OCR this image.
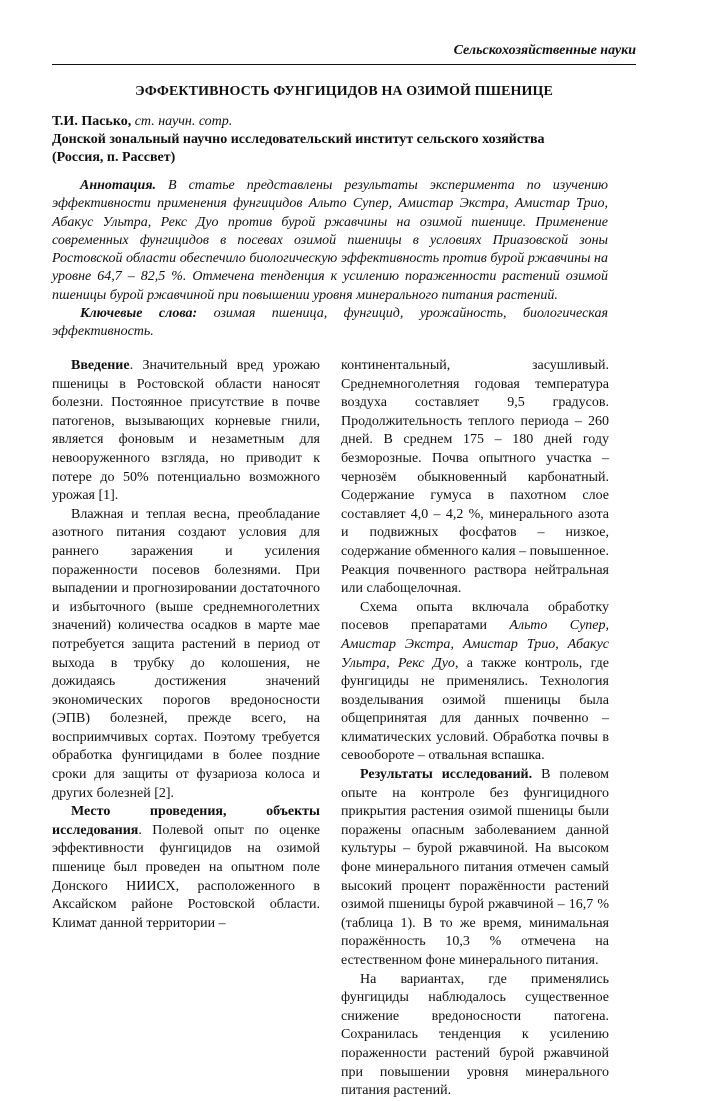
Сельскохозяйственные науки
ЭФФЕКТИВНОСТЬ ФУНГИЦИДОВ НА ОЗИМОЙ ПШЕНИЦЕ
Т.И. Пасько, ст. научн. сотр.
Донской зональный научно исследовательский институт сельского хозяйства
(Россия, п. Рассвет)

Аннотация. В статье представлены результаты эксперимента по изучению эффективности применения фунгицидов Альто Супер, Амистар Экстра, Амистар Трио, Абакус Ультра, Рекс Дуо против бурой ржавчины на озимой пшенице. Применение современных фунгицидов в посевах озимой пшеницы в условиях Приазовской зоны Ростовской области обеспечило биологическую эффективность против бурой ржавчины на уровне 64,7 – 82,5 %. Отмечена тенденция к усилению пораженности растений озимой пшеницы бурой ржавчиной при повышении уровня минерального питания растений.

Ключевые слова: озимая пшеница, фунгицид, урожайность, биологическая эффективность.

Введение. Значительный вред урожаю пшеницы в Ростовской области наносят болезни. Постоянное присутствие в почве патогенов, вызывающих корневые гнили, является фоновым и незаметным для невооруженного взгляда, но приводит к потере до 50% потенциально возможного урожая [1].

Влажная и теплая весна, преобладание азотного питания создают условия для раннего заражения и усиления пораженности посевов болезнями. При выпадении и прогнозировании достаточного и избыточного (выше среднемноголетних значений) количества осадков в марте мае потребуется защита растений в период от выхода в трубку до колошения, не дожидаясь достижения значений экономических порогов вредоносности (ЭПВ) болезней, прежде всего, на восприимчивых сортах. Поэтому требуется обработка фунгицидами в более поздние сроки для защиты от фузариоза колоса и других болезней [2].

Место проведения, объекты исследования. Полевой опыт по оценке эффективности фунгицидов на озимой пшенице был проведен на опытном поле Донского НИИСХ, расположенного в Аксайском районе Ростовской области. Климат данной территории –

континентальный, засушливый. Среднемноголетняя годовая температура воздуха составляет 9,5 градусов. Продолжительность теплого периода – 260 дней. В среднем 175 – 180 дней году безморозные. Почва опытного участка – чернозём обыкновенный карбонатный. Содержание гумуса в пахотном слое составляет 4,0 – 4,2 %, минерального азота и подвижных фосфатов – низкое, содержание обменного калия – повышенное. Реакция почвенного раствора нейтральная или слабощелочная.

Схема опыта включала обработку посевов препаратами Альто Супер, Амистар Экстра, Амистар Трио, Абакус Ультра, Рекс Дуо, а также контроль, где фунгициды не применялись. Технология возделывания озимой пшеницы была общепринятая для данных почвенно – климатических условий. Обработка почвы в севообороте – отвальная вспашка.

Результаты исследований. В полевом опыте на контроле без фунгицидного прикрытия растения озимой пшеницы были поражены опасным заболеванием данной культуры – бурой ржавчиной. На высоком фоне минерального питания отмечен самый высокий процент поражённости растений озимой пшеницы бурой ржавчиной – 16,7 % (таблица 1). В то же время, минимальная поражённость 10,3 % отмечена на естественном фоне минерального питания.

На вариантах, где применялись фунгициды наблюдалось существенное снижение вредоносности патогена. Сохранилась тенденция к усилению пораженности растений бурой ржавчиной при повышении уровня минерального питания растений.
